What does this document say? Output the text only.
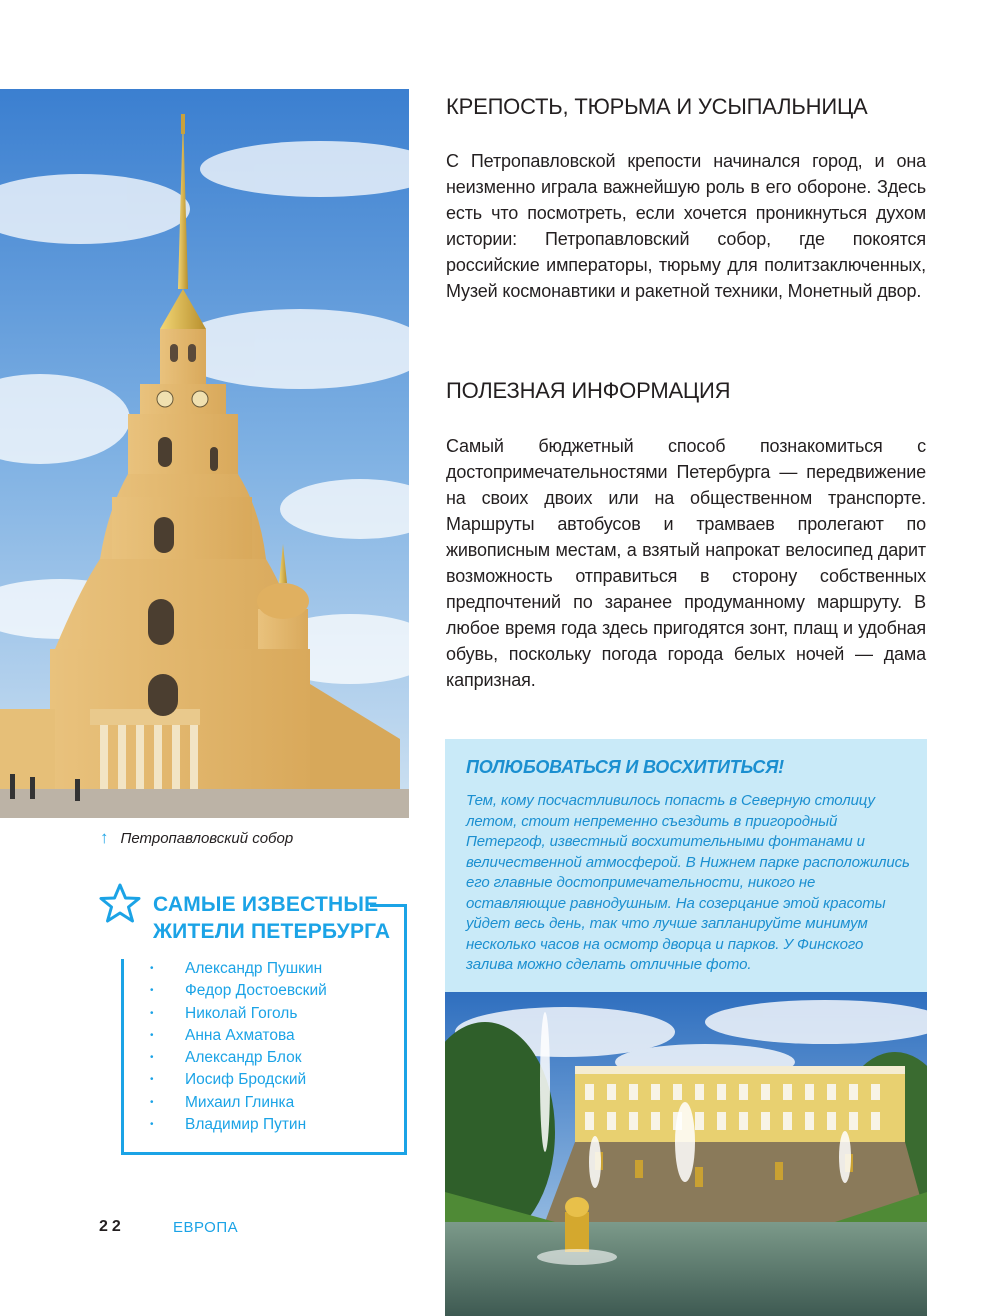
↑ Петропавловский собор
САМЫЕ ИЗВЕСТНЫЕ
ЖИТЕЛИ ПЕТЕРБУРГА
•	Александр Пушкин
•	Федор Достоевский
•	Николай Гоголь
•	Анна Ахматова
•	Александр Блок
•	Иосиф Бродский
•	Михаил Глинка
•	Владимир Путин
22	ЕВРОПА
КРЕПОСТЬ, ТЮРЬМА И УСЫПАЛЬНИЦА
С Петропавловской крепости начинался город, и она неизменно играла важнейшую роль в его обороне. Здесь есть что посмотреть, если хочется проникнуться духом истории: Петропавловский собор, где покоятся российские императоры, тюрьму для политзаключенных, Музей космонавтики и ракетной техники, Монетный двор.
ПОЛЕЗНАЯ ИНФОРМАЦИЯ
Самый бюджетный способ познакомиться с достопримечательностями Петербурга — передвижение на своих двоих или на общественном транспорте. Маршруты автобусов и трамваев пролегают по живописным местам, а взятый напрокат велосипед дарит возможность отправиться в сторону собственных предпочтений по заранее продуманному маршруту. В любое время года здесь пригодятся зонт, плащ и удобная обувь, поскольку погода города белых ночей — дама капризная.
ПОЛЮБОВАТЬСЯ И ВОСХИТИТЬСЯ!
Тем, кому посчастливилось попасть в Северную столицу летом, стоит непременно съездить в пригородный Петергоф, известный восхитительными фонтанами и величественной атмосферой. В Нижнем парке расположились его главные достопримечательности, никого не оставляющие равнодушным. На созерцание этой красоты уйдет весь день, так что лучше запланируйте минимум несколько часов на осмотр дворца и парков. У Финского залива можно сделать отличные фото.
